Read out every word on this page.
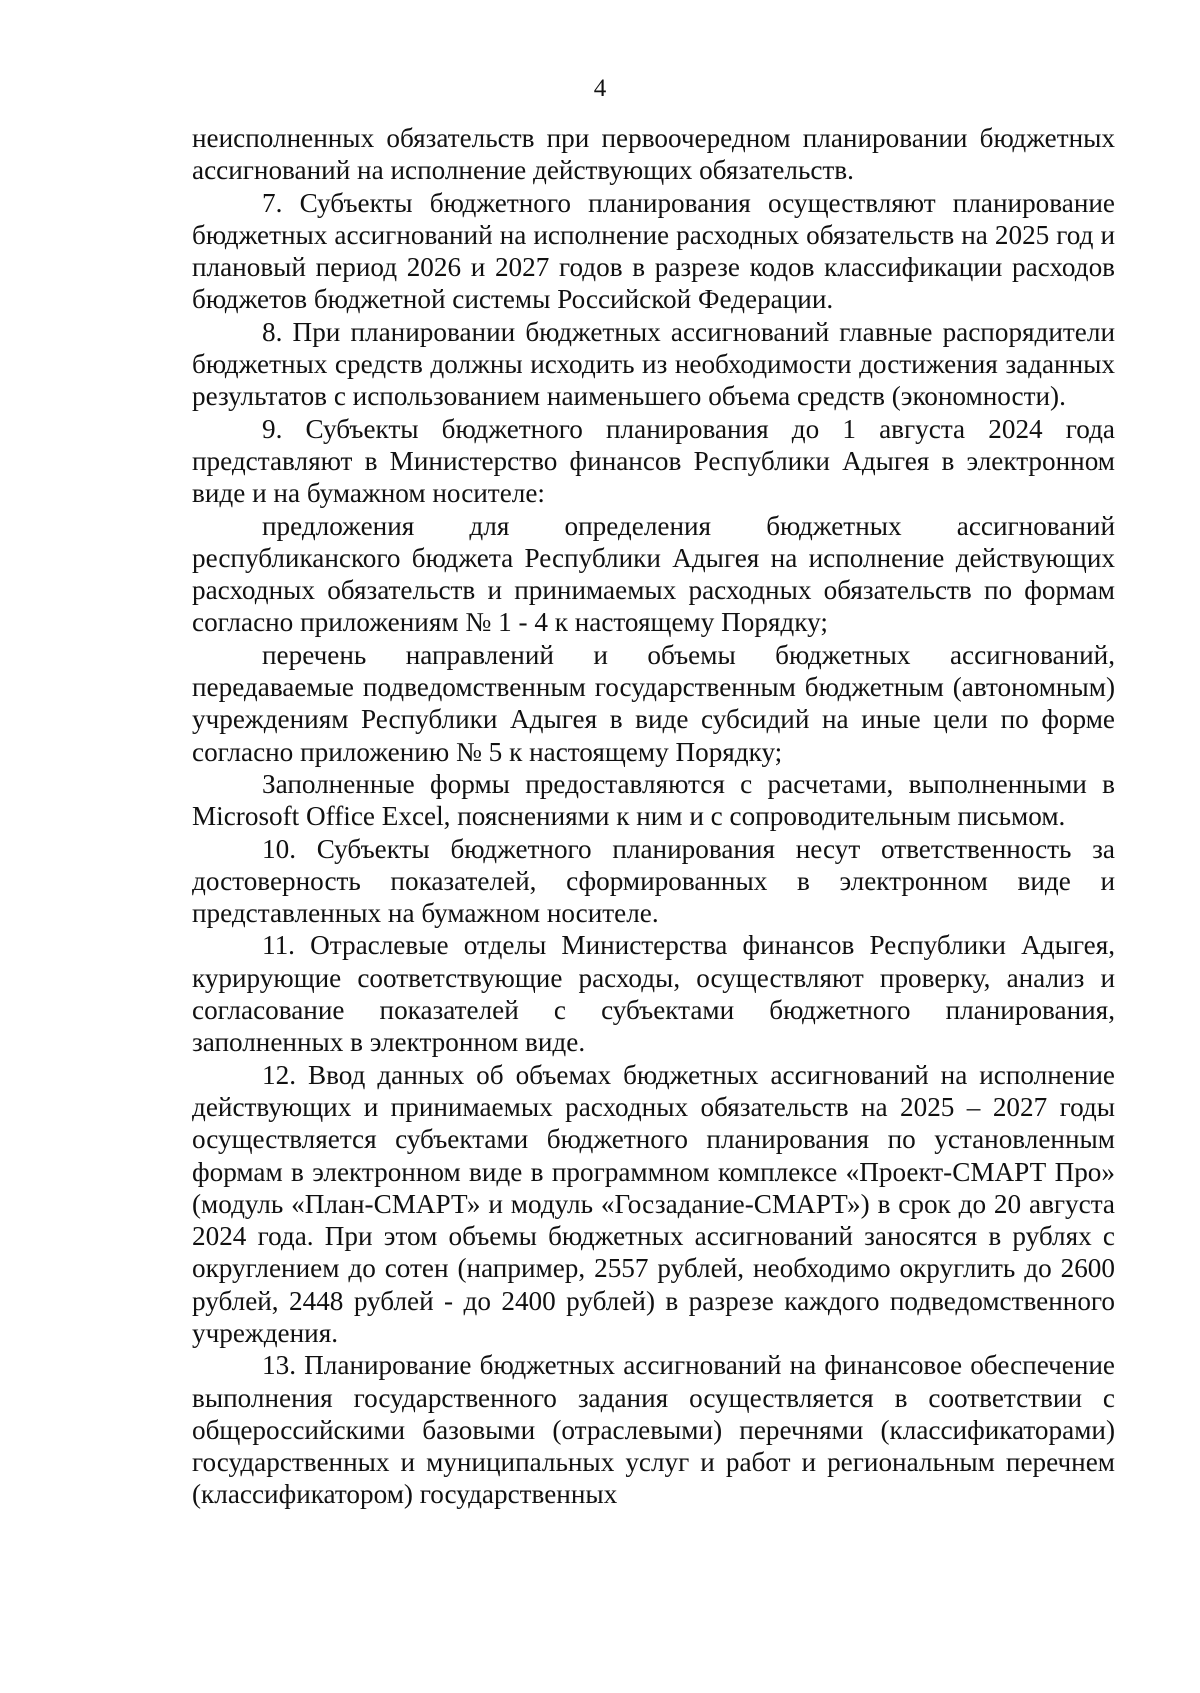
4

неисполненных обязательств при первоочередном планировании бюджетных ассигнований на исполнение действующих обязательств.

7. Субъекты бюджетного планирования осуществляют планирование бюджетных ассигнований на исполнение расходных обязательств на 2025 год и плановый период 2026 и 2027 годов в разрезе кодов классификации расходов бюджетов бюджетной системы Российской Федерации.

8. При планировании бюджетных ассигнований главные распорядители бюджетных средств должны исходить из необходимости достижения заданных результатов с использованием наименьшего объема средств (экономности).

9. Субъекты бюджетного планирования до 1 августа 2024 года представляют в Министерство финансов Республики Адыгея в электронном виде и на бумажном носителе:

предложения для определения бюджетных ассигнований республиканского бюджета Республики Адыгея на исполнение действующих расходных обязательств и принимаемых расходных обязательств по формам согласно приложениям № 1 - 4 к настоящему Порядку;

перечень направлений и объемы бюджетных ассигнований, передаваемые подведомственным государственным бюджетным (автономным) учреждениям Республики Адыгея в виде субсидий на иные цели по форме согласно приложению № 5 к настоящему Порядку;

Заполненные формы предоставляются с расчетами, выполненными в Microsoft Office Excel, пояснениями к ним и с сопроводительным письмом.

10. Субъекты бюджетного планирования несут ответственность за достоверность показателей, сформированных в электронном виде и представленных на бумажном носителе.

11. Отраслевые отделы Министерства финансов Республики Адыгея, курирующие соответствующие расходы, осуществляют проверку, анализ и согласование показателей с субъектами бюджетного планирования, заполненных в электронном виде.

12. Ввод данных об объемах бюджетных ассигнований на исполнение действующих и принимаемых расходных обязательств на 2025 – 2027 годы осуществляется субъектами бюджетного планирования по установленным формам в электронном виде в программном комплексе «Проект-СМАРТ Про» (модуль «План-СМАРТ» и модуль «Госзадание-СМАРТ») в срок до 20 августа 2024 года. При этом объемы бюджетных ассигнований заносятся в рублях с округлением до сотен (например, 2557 рублей, необходимо округлить до 2600 рублей, 2448 рублей - до 2400 рублей) в разрезе каждого подведомственного учреждения.

13. Планирование бюджетных ассигнований на финансовое обеспечение выполнения государственного задания осуществляется в соответствии с общероссийскими базовыми (отраслевыми) перечнями (классификаторами) государственных и муниципальных услуг и работ и региональным перечнем (классификатором) государственных
